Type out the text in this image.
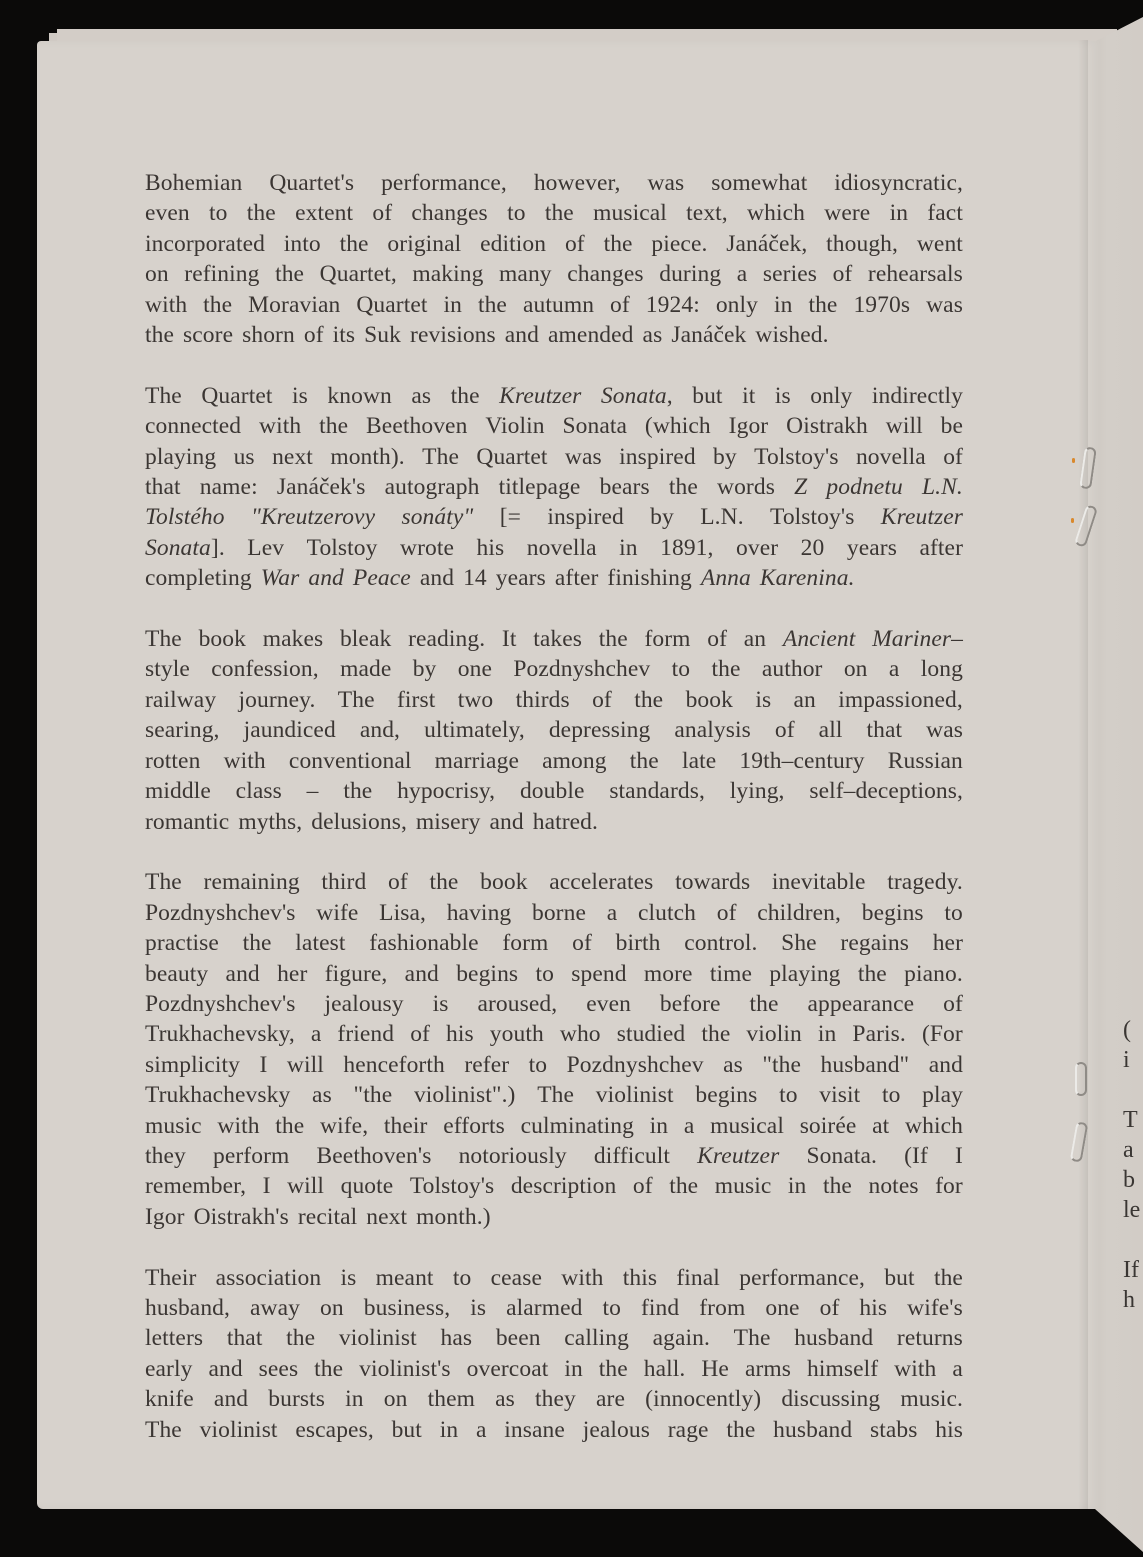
(
i
T
a
b
le
If
h
Bohemian Quartet's performance, however, was somewhat idiosyncratic,
even to the extent of changes to the musical text, which were in fact
incorporated into the original edition of the piece. Janáček, though, went
on refining the Quartet, making many changes during a series of rehearsals
with the Moravian Quartet in the autumn of 1924: only in the 1970s was
the score shorn of its Suk revisions and amended as Janáček wished.
The Quartet is known as the Kreutzer Sonata, but it is only indirectly
connected with the Beethoven Violin Sonata (which Igor Oistrakh will be
playing us next month). The Quartet was inspired by Tolstoy's novella of
that name: Janáček's autograph titlepage bears the words Z podnetu L.N.
Tolstého "Kreutzerovy sonáty" [= inspired by L.N. Tolstoy's Kreutzer
Sonata]. Lev Tolstoy wrote his novella in 1891, over 20 years after
completing War and Peace and 14 years after finishing Anna Karenina.
The book makes bleak reading. It takes the form of an Ancient Mariner–
style confession, made by one Pozdnyshchev to the author on a long
railway journey. The first two thirds of the book is an impassioned,
searing, jaundiced and, ultimately, depressing analysis of all that was
rotten with conventional marriage among the late 19th–century Russian
middle class – the hypocrisy, double standards, lying, self–deceptions,
romantic myths, delusions, misery and hatred.
The remaining third of the book accelerates towards inevitable tragedy.
Pozdnyshchev's wife Lisa, having borne a clutch of children, begins to
practise the latest fashionable form of birth control. She regains her
beauty and her figure, and begins to spend more time playing the piano.
Pozdnyshchev's jealousy is aroused, even before the appearance of
Trukhachevsky, a friend of his youth who studied the violin in Paris. (For
simplicity I will henceforth refer to Pozdnyshchev as "the husband" and
Trukhachevsky as "the violinist".) The violinist begins to visit to play
music with the wife, their efforts culminating in a musical soirée at which
they perform Beethoven's notoriously difficult Kreutzer Sonata. (If I
remember, I will quote Tolstoy's description of the music in the notes for
Igor Oistrakh's recital next month.)
Their association is meant to cease with this final performance, but the
husband, away on business, is alarmed to find from one of his wife's
letters that the violinist has been calling again. The husband returns
early and sees the violinist's overcoat in the hall. He arms himself with a
knife and bursts in on them as they are (innocently) discussing music.
The violinist escapes, but in a insane jealous rage the husband stabs his
